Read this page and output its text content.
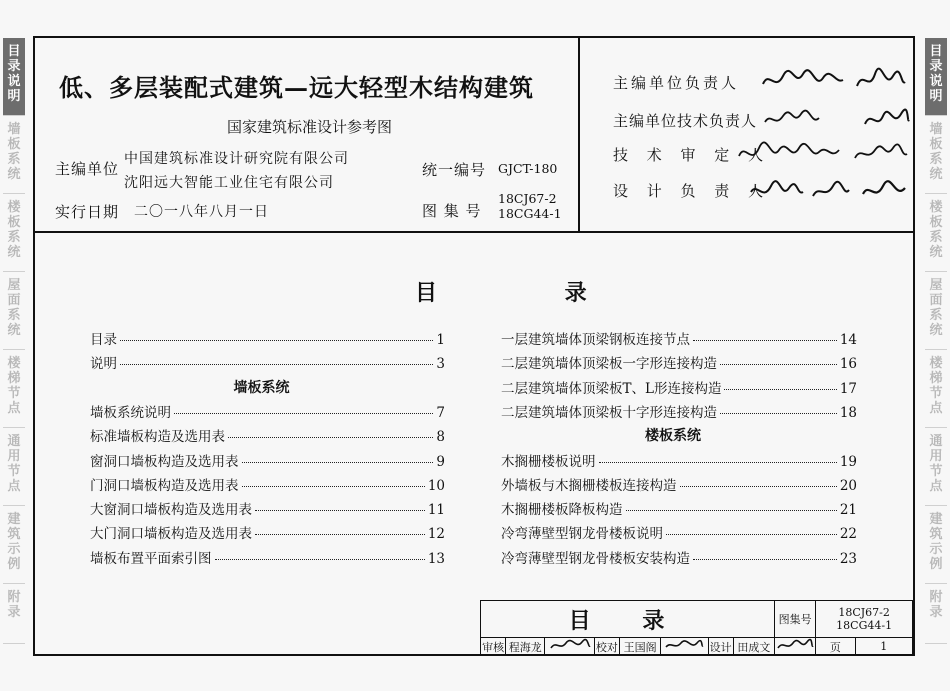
目
录
说
明
目
录
说
明
墙
板
系
统
墙
板
系
统
楼
板
系
统
楼
板
系
统
屋
面
系
统
屋
面
系
统
楼
梯
节
点
楼
梯
节
点
通
用
节
点
通
用
节
点
建
筑
示
例
建
筑
示
例
附
录
附
录
低、多层装配式建筑—远大轻型木结构建筑
国家建筑标准设计参考图
主编单位
中国建筑标准设计研究院有限公司
沈阳远大智能工业住宅有限公司
实行日期 二〇一八年八月一日
统一编号 GJCT-180
图 集 号
18CJ67-2
18CG44-1
主编单位负责人
主编单位技术负责人
技 术 审 定 人
设 计 负 责 人
目 录
目录	1
说明	3
墙板系统
墙板系统说明	7
标准墙板构造及选用表	8
窗洞口墙板构造及选用表	9
门洞口墙板构造及选用表	10
大窗洞口墙板构造及选用表	11
大门洞口墙板构造及选用表	12
墙板布置平面索引图	13
一层建筑墙体顶梁钢板连接节点	14
二层建筑墙体顶梁板一字形连接构造	16
二层建筑墙体顶梁板T、L形连接构造	17
二层建筑墙体顶梁板十字形连接构造	18
楼板系统
木搁栅楼板说明	19
外墙板与木搁栅楼板连接构造	20
木搁栅楼板降板构造	21
冷弯薄壁型钢龙骨楼板说明	22
冷弯薄壁型钢龙骨楼板安装构造	23
目 录								图集号	18CJ67-2
18CG44-1	

审核	程海龙		校对	王国阁		设计	田成文		页	1
